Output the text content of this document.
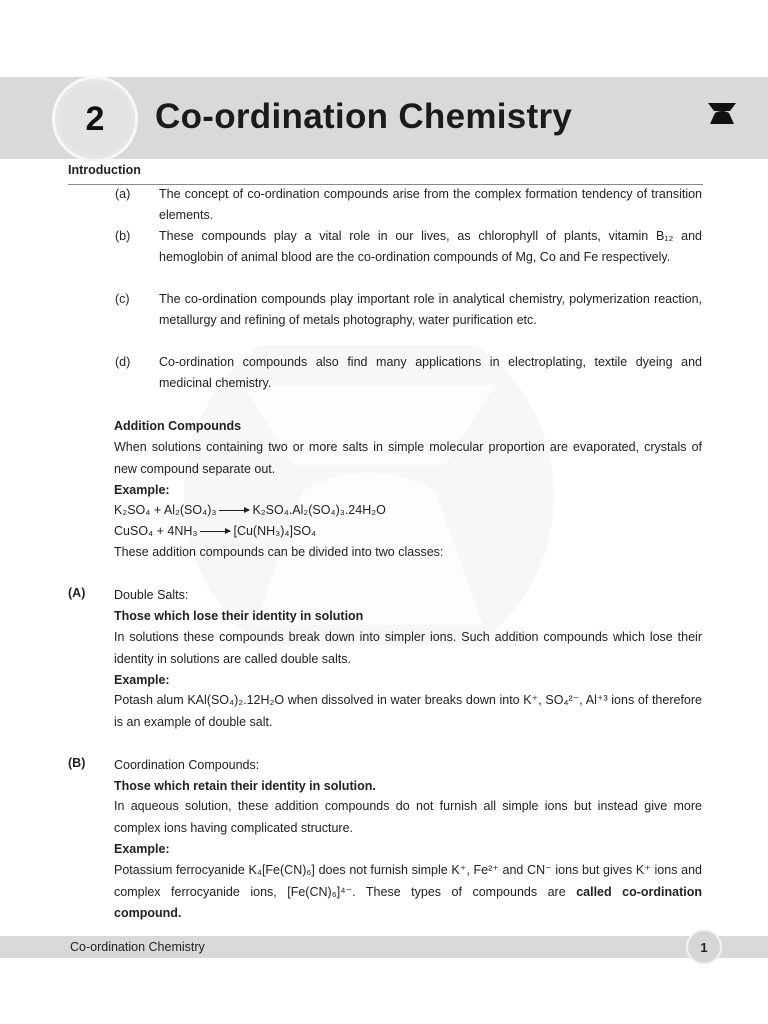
2	Co-ordination Chemistry
Introduction
(a) The concept of co-ordination compounds arise from the complex formation tendency of transition elements.
(b) These compounds play a vital role in our lives, as chlorophyll of plants, vitamin B₁₂ and hemoglobin of animal blood are the co-ordination compounds of Mg, Co and Fe respectively.
(c) The co-ordination compounds play important role in analytical chemistry, polymerization reaction, metallurgy and refining of metals photography, water purification etc.
(d) Co-ordination compounds also find many applications in electroplating, textile dyeing and medicinal chemistry.
Addition Compounds
When solutions containing two or more salts in simple molecular proportion are evaporated, crystals of new compound separate out.
Example:
K₂SO₄ + Al₂(SO₄)₃	K₂SO₄.Al₂(SO₄)₃.24H₂O
CuSO₄ + 4NH₃	[Cu(NH₃)₄]SO₄
These addition compounds can be divided into two classes:
(A) Double Salts:
Those which lose their identity in solution
In solutions these compounds break down into simpler ions. Such addition compounds which lose their identity in solutions are called double salts.
Example:
Potash alum KAl(SO₄)₂.12H₂O when dissolved in water breaks down into K⁺, SO₄²⁻, Al⁺³ ions of therefore is an example of double salt.
(B) Coordination Compounds:
Those which retain their identity in solution.
In aqueous solution, these addition compounds do not furnish all simple ions but instead give more complex ions having complicated structure.
Example:
Potassium ferrocyanide K₄[Fe(CN)₆] does not furnish simple K⁺, Fe²⁺ and CN⁻ ions but gives K⁺ ions and complex ferrocyanide ions, [Fe(CN)₆]⁴⁻. These types of compounds are called co-ordination compound.
Co-ordination Chemistry	1
